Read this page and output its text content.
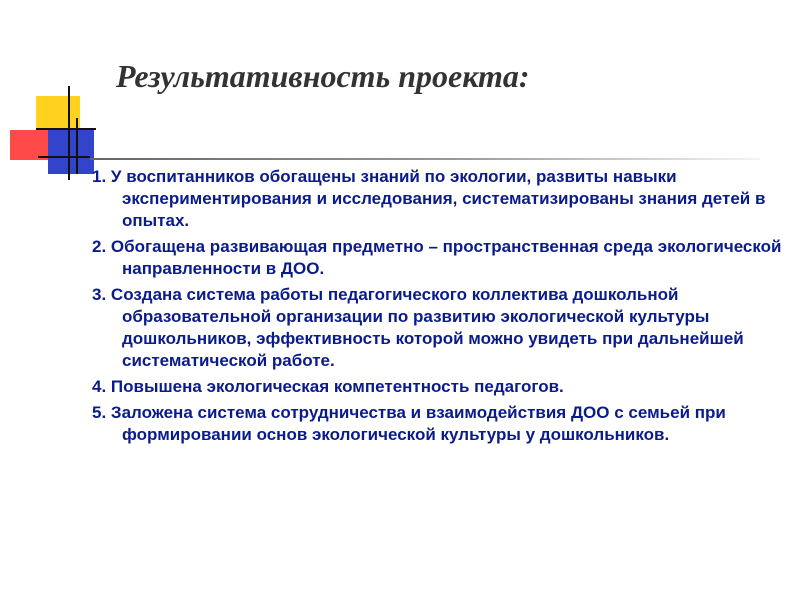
Результативность проекта:
1. У воспитанников обогащены знаний по экологии, развиты навыки экспериментирования и исследования, систематизированы знания детей в опытах.
2. Обогащена развивающая предметно – пространственная среда экологической направленности в ДОО.
3. Создана система работы педагогического коллектива дошкольной образовательной организации по развитию экологической культуры дошкольников, эффективность которой можно увидеть при дальнейшей систематической работе.
4. Повышена экологическая компетентность педагогов.
5. Заложена система сотрудничества и взаимодействия ДОО с семьей при формировании основ экологической культуры у дошкольников.
